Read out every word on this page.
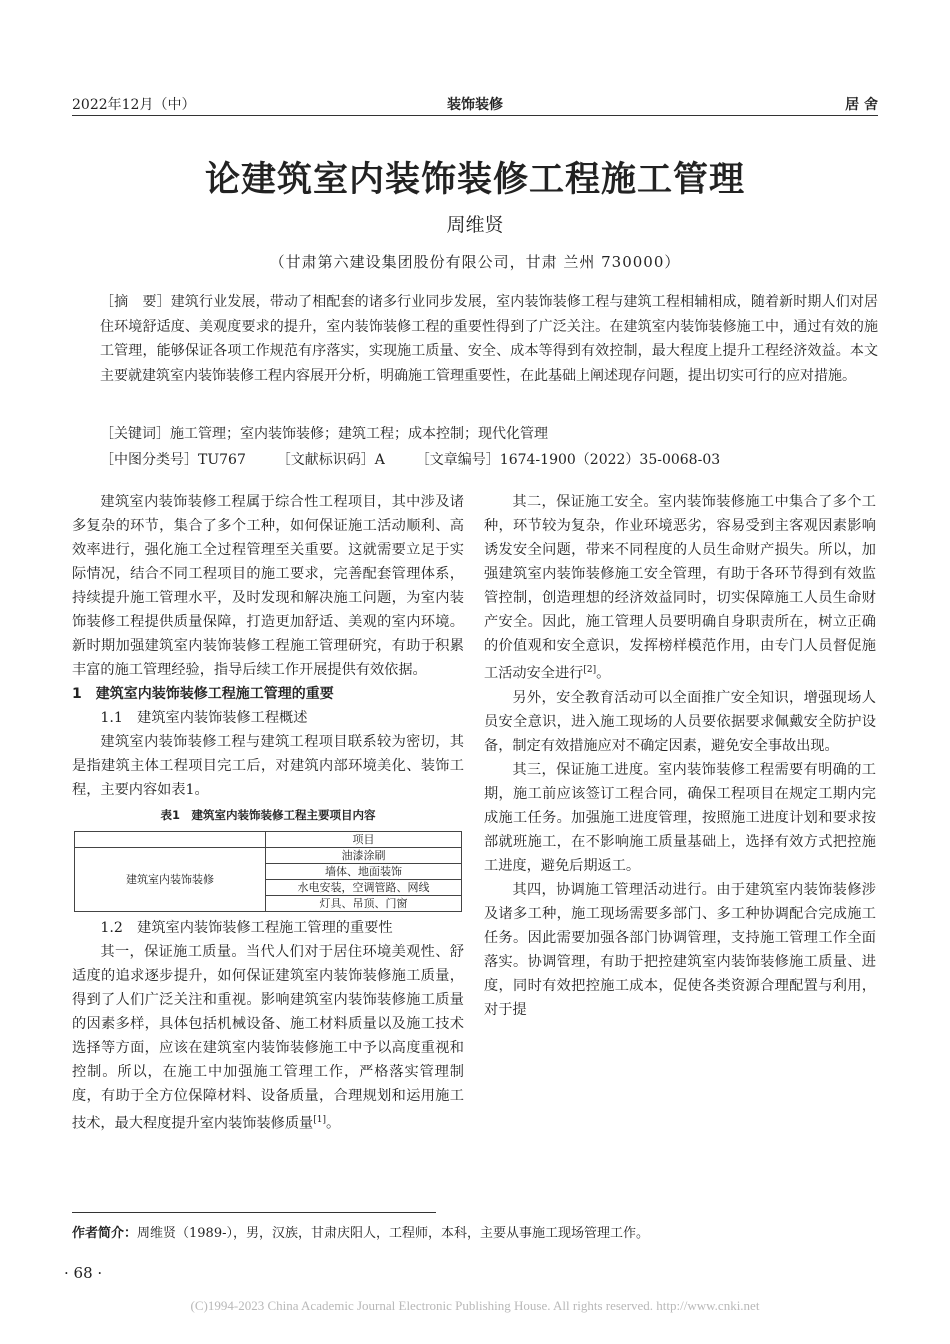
2022年12月（中）	装饰装修	居 舍
论建筑室内装饰装修工程施工管理
周维贤
（甘肃第六建设集团股份有限公司，甘肃 兰州 730000）
［摘　要］建筑行业发展，带动了相配套的诸多行业同步发展，室内装饰装修工程与建筑工程相辅相成，随着新时期人们对居住环境舒适度、美观度要求的提升，室内装饰装修工程的重要性得到了广泛关注。在建筑室内装饰装修施工中，通过有效的施工管理，能够保证各项工作规范有序落实，实现施工质量、安全、成本等得到有效控制，最大程度上提升工程经济效益。本文主要就建筑室内装饰装修工程内容展开分析，明确施工管理重要性，在此基础上阐述现存问题，提出切实可行的应对措施。
［关键词］施工管理；室内装饰装修；建筑工程；成本控制；现代化管理
［中图分类号］TU767 ［文献标识码］A ［文章编号］1674-1900（2022）35-0068-03

建筑室内装饰装修工程属于综合性工程项目，其中涉及诸多复杂的环节，集合了多个工种，如何保证施工活动顺利、高效率进行，强化施工全过程管理至关重要。这就需要立足于实际情况，结合不同工程项目的施工要求，完善配套管理体系，持续提升施工管理水平，及时发现和解决施工问题，为室内装饰装修工程提供质量保障，打造更加舒适、美观的室内环境。新时期加强建筑室内装饰装修工程施工管理研究，有助于积累丰富的施工管理经验，指导后续工作开展提供有效依据。

1　建筑室内装饰装修工程施工管理的重要

1.1　建筑室内装饰装修工程概述

建筑室内装饰装修工程与建筑工程项目联系较为密切，其是指建筑主体工程项目完工后，对建筑内部环境美化、装饰工程，主要内容如表1。

表1　建筑室内装饰装修工程主要项目内容
	项目
建筑室内装饰装修	油漆涂刷
	墙体、地面装饰
	水电安装，空调管路、网线
	灯具、吊顶、门窗

1.2　建筑室内装饰装修工程施工管理的重要性

其一，保证施工质量。当代人们对于居住环境美观性、舒适度的追求逐步提升，如何保证建筑室内装饰装修施工质量，得到了人们广泛关注和重视。影响建筑室内装饰装修施工质量的因素多样，具体包括机械设备、施工材料质量以及施工技术选择等方面，应该在建筑室内装饰装修施工中予以高度重视和控制。所以，在施工中加强施工管理工作，严格落实管理制度，有助于全方位保障材料、设备质量，合理规划和运用施工技术，最大程度提升室内装饰装修质量[1]。

其二，保证施工安全。室内装饰装修施工中集合了多个工种，环节较为复杂，作业环境恶劣，容易受到主客观因素影响诱发安全问题，带来不同程度的人员生命财产损失。所以，加强建筑室内装饰装修施工安全管理，有助于各环节得到有效监管控制，创造理想的经济效益同时，切实保障施工人员生命财产安全。因此，施工管理人员要明确自身职责所在，树立正确的价值观和安全意识，发挥榜样模范作用，由专门人员督促施工活动安全进行[2]。

另外，安全教育活动可以全面推广安全知识，增强现场人员安全意识，进入施工现场的人员要依据要求佩戴安全防护设备，制定有效措施应对不确定因素，避免安全事故出现。

其三，保证施工进度。室内装饰装修工程需要有明确的工期，施工前应该签订工程合同，确保工程项目在规定工期内完成施工任务。加强施工进度管理，按照施工进度计划和要求按部就班施工，在不影响施工质量基础上，选择有效方式把控施工进度，避免后期返工。

其四，协调施工管理活动进行。由于建筑室内装饰装修涉及诸多工种，施工现场需要多部门、多工种协调配合完成施工任务。因此需要加强各部门协调管理，支持施工管理工作全面落实。协调管理，有助于把控建筑室内装饰装修施工质量、进度，同时有效把控施工成本，促使各类资源合理配置与利用，对于提

作者简介：周维贤（1989-），男，汉族，甘肃庆阳人，工程师，本科，主要从事施工现场管理工作。
· 68 ·
(C)1994-2023 China Academic Journal Electronic Publishing House. All rights reserved. http://www.cnki.net
